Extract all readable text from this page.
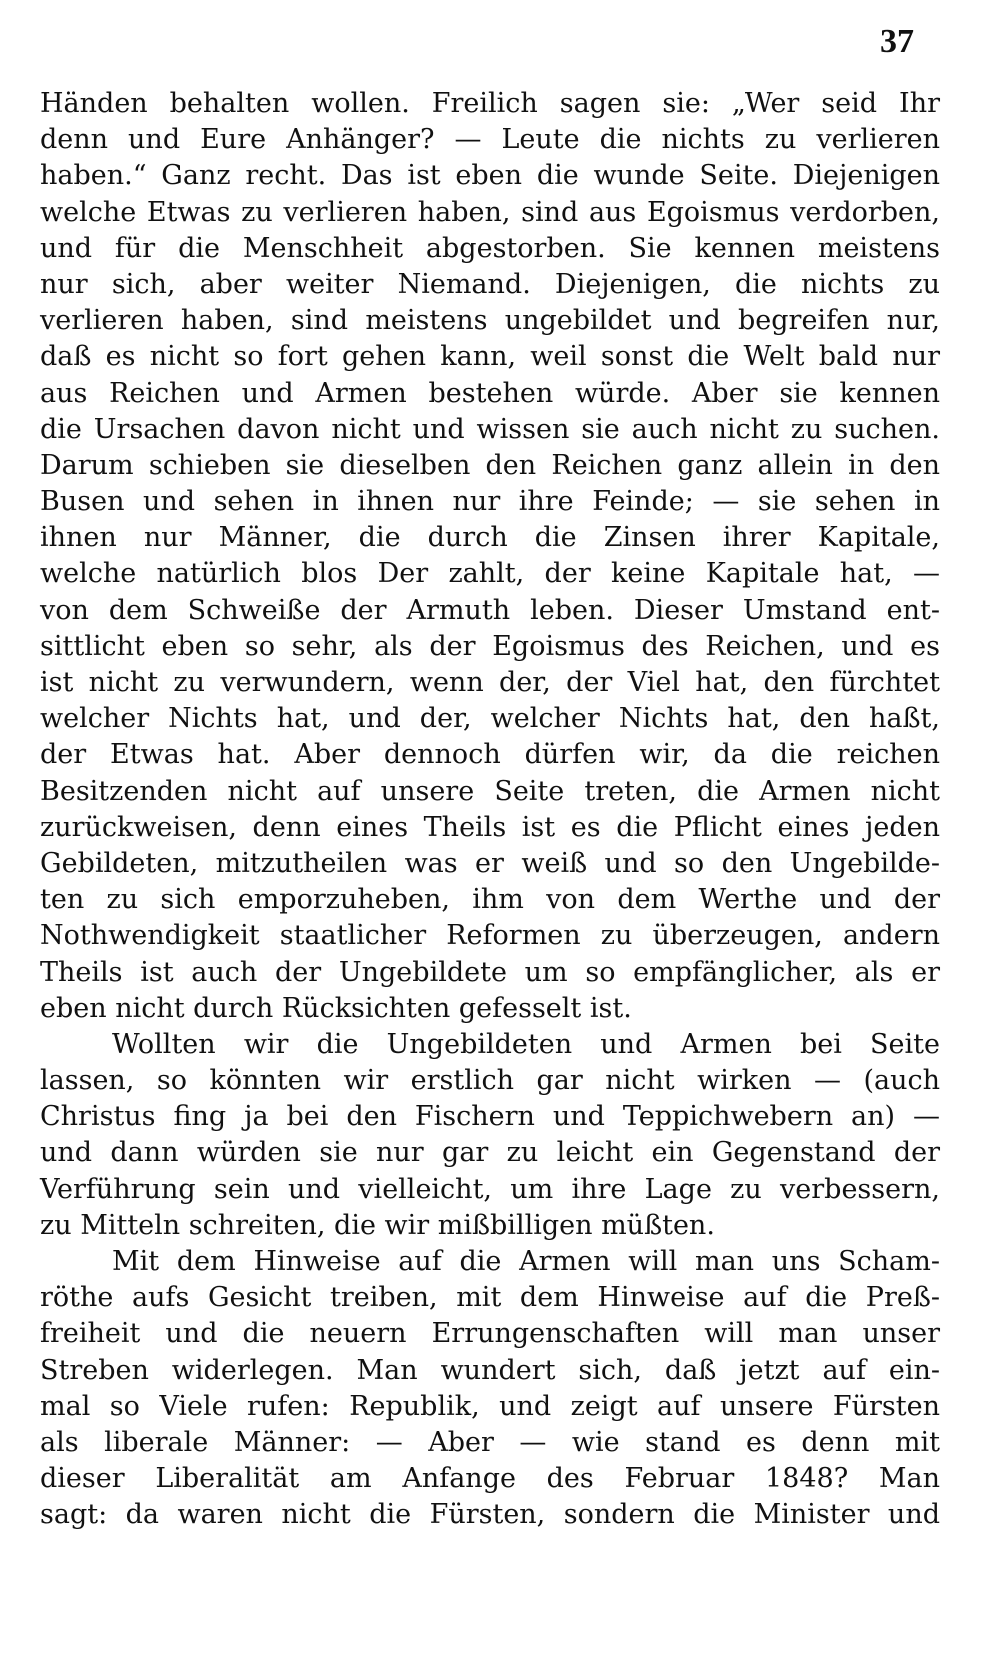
37
Händen behalten wollen. Freilich sagen sie: „Wer seid Ihr
denn und Eure Anhänger? — Leute die nichts zu verlieren
haben.“ Ganz recht. Das ist eben die wunde Seite. Diejenigen
welche Etwas zu verlieren haben, sind aus Egoismus verdorben,
und für die Menschheit abgestorben. Sie kennen meistens
nur sich, aber weiter Niemand. Diejenigen, die nichts zu
verlieren haben, sind meistens ungebildet und begreifen nur,
daß es nicht so fort gehen kann, weil sonst die Welt bald nur
aus Reichen und Armen bestehen würde. Aber sie kennen
die Ursachen davon nicht und wissen sie auch nicht zu suchen.
Darum schieben sie dieselben den Reichen ganz allein in den
Busen und sehen in ihnen nur ihre Feinde; — sie sehen in
ihnen nur Männer, die durch die Zinsen ihrer Kapitale,
welche natürlich blos Der zahlt, der keine Kapitale hat, —
von dem Schweiße der Armuth leben. Dieser Umstand ent-
sittlicht eben so sehr, als der Egoismus des Reichen, und es
ist nicht zu verwundern, wenn der, der Viel hat, den fürchtet
welcher Nichts hat, und der, welcher Nichts hat, den haßt,
der Etwas hat. Aber dennoch dürfen wir, da die reichen
Besitzenden nicht auf unsere Seite treten, die Armen nicht
zurückweisen, denn eines Theils ist es die Pflicht eines jeden
Gebildeten, mitzutheilen was er weiß und so den Ungebilde-
ten zu sich emporzuheben, ihm von dem Werthe und der
Nothwendigkeit staatlicher Reformen zu überzeugen, andern
Theils ist auch der Ungebildete um so empfänglicher, als er
eben nicht durch Rücksichten gefesselt ist.
Wollten wir die Ungebildeten und Armen bei Seite
lassen, so könnten wir erstlich gar nicht wirken — (auch
Christus fing ja bei den Fischern und Teppichwebern an) —
und dann würden sie nur gar zu leicht ein Gegenstand der
Verführung sein und vielleicht, um ihre Lage zu verbessern,
zu Mitteln schreiten, die wir mißbilligen müßten.
Mit dem Hinweise auf die Armen will man uns Scham-
röthe aufs Gesicht treiben, mit dem Hinweise auf die Preß-
freiheit und die neuern Errungenschaften will man unser
Streben widerlegen. Man wundert sich, daß jetzt auf ein-
mal so Viele rufen: Republik, und zeigt auf unsere Fürsten
als liberale Männer: — Aber — wie stand es denn mit
dieser Liberalität am Anfange des Februar 1848? Man
sagt: da waren nicht die Fürsten, sondern die Minister und
